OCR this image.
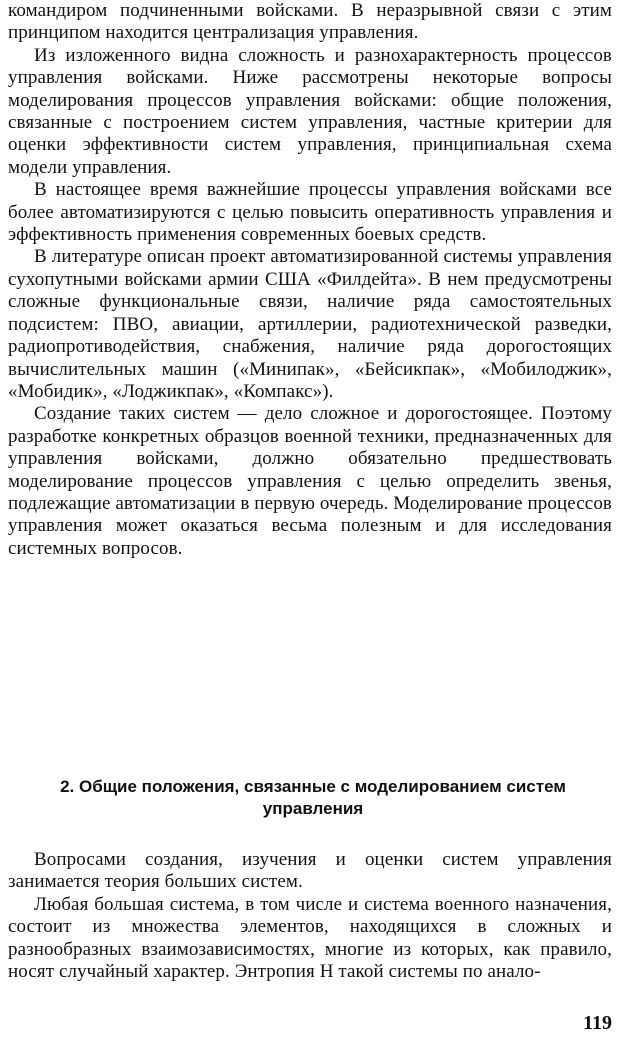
командиром подчиненными войсками. В неразрывной связи с этим принципом находится централизация управления.

Из изложенного видна сложность и разнохарактерность процессов управления войсками. Ниже рассмотрены некоторые вопросы моделирования процессов управления войсками: общие положения, связанные с построением систем управления, частные критерии для оценки эффективности систем управления, принципиальная схема модели управления.

В настоящее время важнейшие процессы управления войсками все более автоматизируются с целью повысить оперативность управления и эффективность применения современных боевых средств.

В литературе описан проект автоматизированной системы управления сухопутными войсками армии США «Филдейта». В нем предусмотрены сложные функциональные связи, наличие ряда самостоятельных подсистем: ПВО, авиации, артиллерии, радиотехнической разведки, радиопротиводействия, снабжения, наличие ряда дорогостоящих вычислительных машин («Минипак», «Бейсикпак», «Мобилоджик», «Мобидик», «Лоджикпак», «Компакс»).

Создание таких систем — дело сложное и дорогостоящее. Поэтому разработке конкретных образцов военной техники, предназначенных для управления войсками, должно обязательно предшествовать моделирование процессов управления с целью определить звенья, подлежащие автоматизации в первую очередь. Моделирование процессов управления может оказаться весьма полезным и для исследования системных вопросов.

2. Общие положения, связанные с моделированием систем управления

Вопросами создания, изучения и оценки систем управления занимается теория больших систем.

Любая большая система, в том числе и система военного назначения, состоит из множества элементов, находящихся в сложных и разнообразных взаимозависимостях, многие из которых, как правило, носят случайный характер. Энтропия H такой системы по анало-

119
